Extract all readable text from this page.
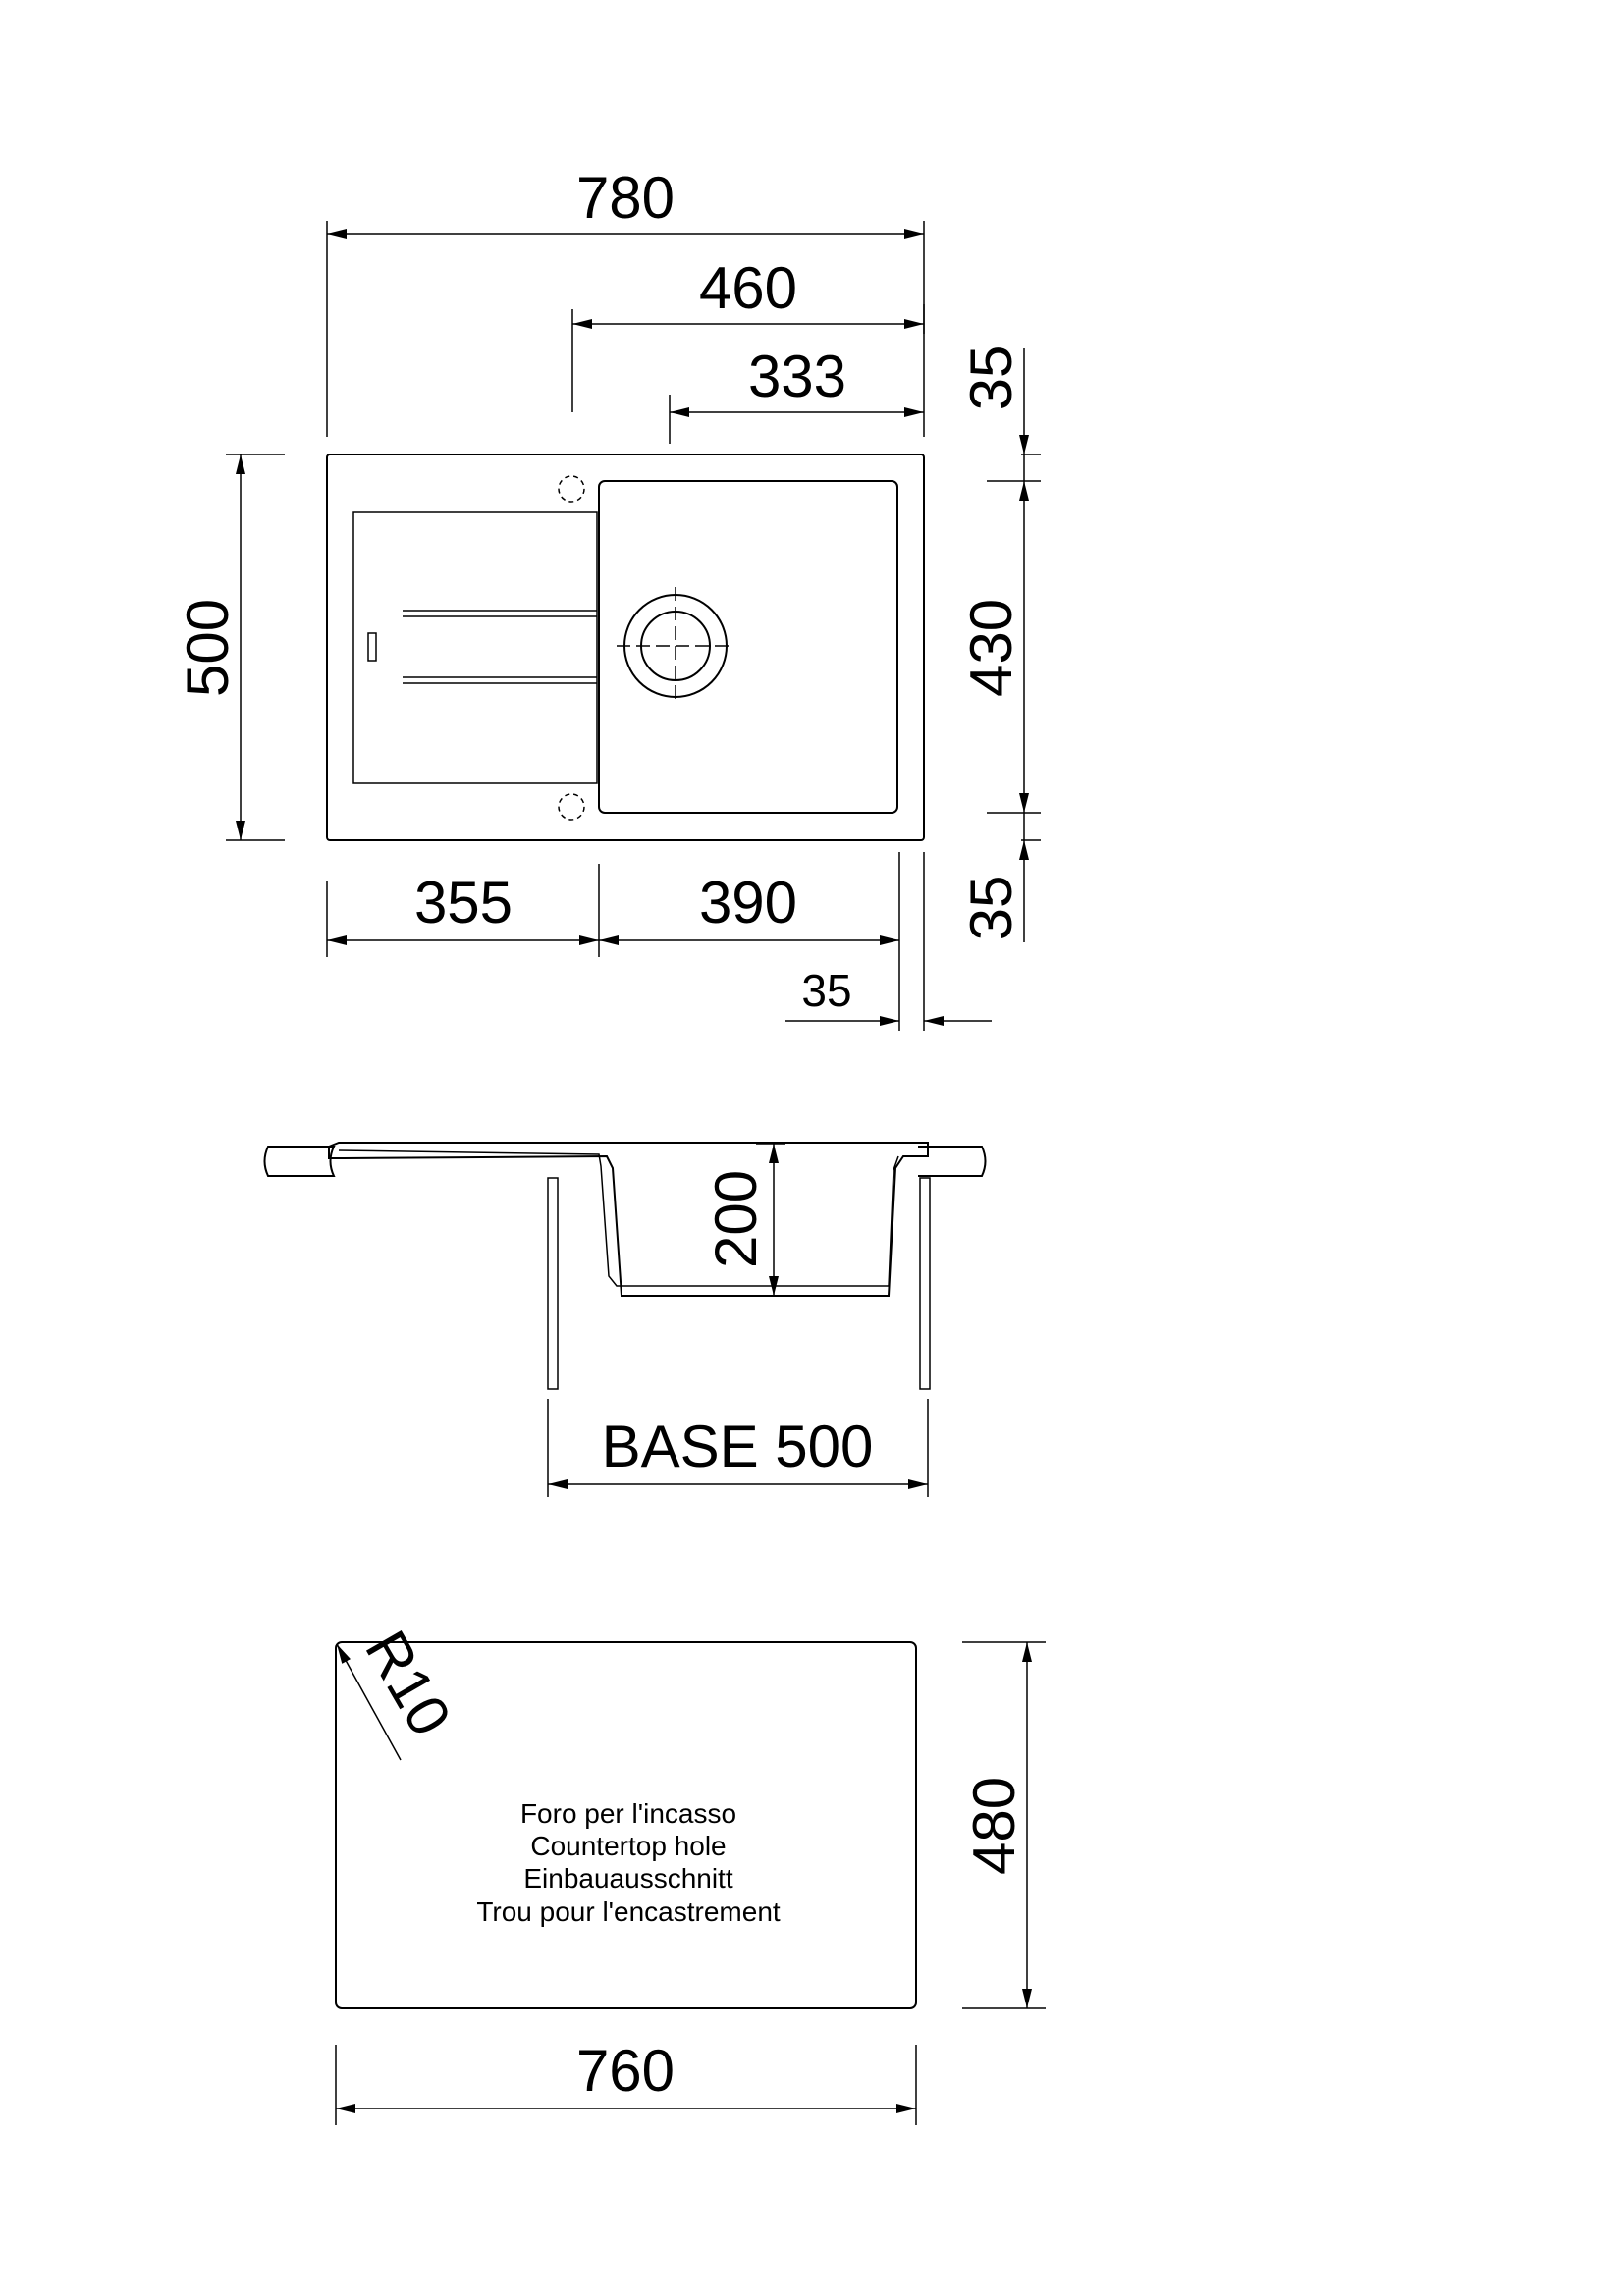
780
460
333
500
35
430
35
355	390
35
200
BASE 500
R10
Foro per l'incasso
Countertop hole
Einbauausschnitt
Trou pour l'encastrement
480
760
